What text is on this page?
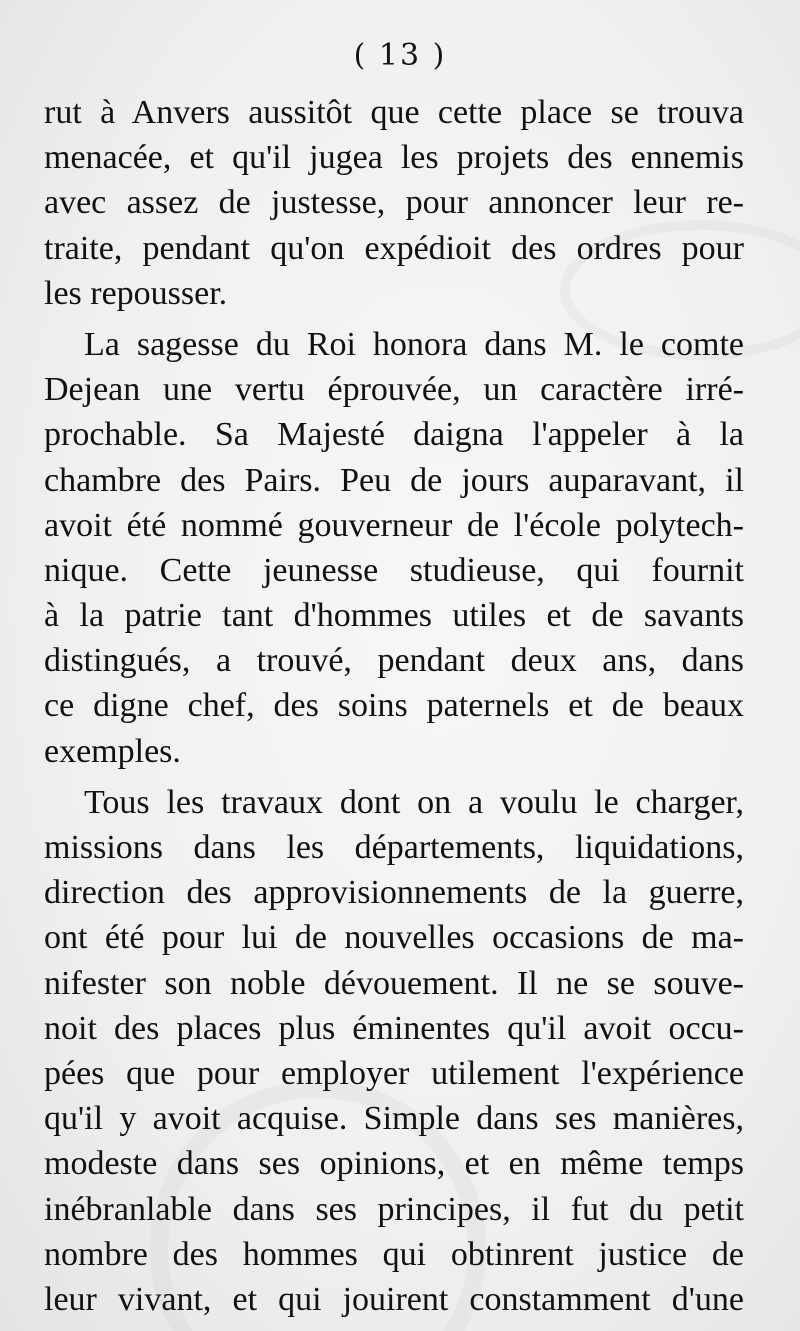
( 13 )
rut à Anvers aussitôt que cette place se trouva
menacée, et qu'il jugea les projets des ennemis
avec assez de justesse, pour annoncer leur re-
traite, pendant qu'on expédioit des ordres pour
les repousser.
La sagesse du Roi honora dans M. le comte
Dejean une vertu éprouvée, un caractère irré-
prochable. Sa Majesté daigna l'appeler à la
chambre des Pairs. Peu de jours auparavant, il
avoit été nommé gouverneur de l'école polytech-
nique. Cette jeunesse studieuse, qui fournit
à la patrie tant d'hommes utiles et de savants
distingués, a trouvé, pendant deux ans, dans
ce digne chef, des soins paternels et de beaux
exemples.
Tous les travaux dont on a voulu le charger,
missions dans les départements, liquidations,
direction des approvisionnements de la guerre,
ont été pour lui de nouvelles occasions de ma-
nifester son noble dévouement. Il ne se souve-
noit des places plus éminentes qu'il avoit occu-
pées que pour employer utilement l'expérience
qu'il y avoit acquise. Simple dans ses manières,
modeste dans ses opinions, et en même temps
inébranlable dans ses principes, il fut du petit
nombre des hommes qui obtinrent justice de
leur vivant, et qui jouirent constamment d'une
